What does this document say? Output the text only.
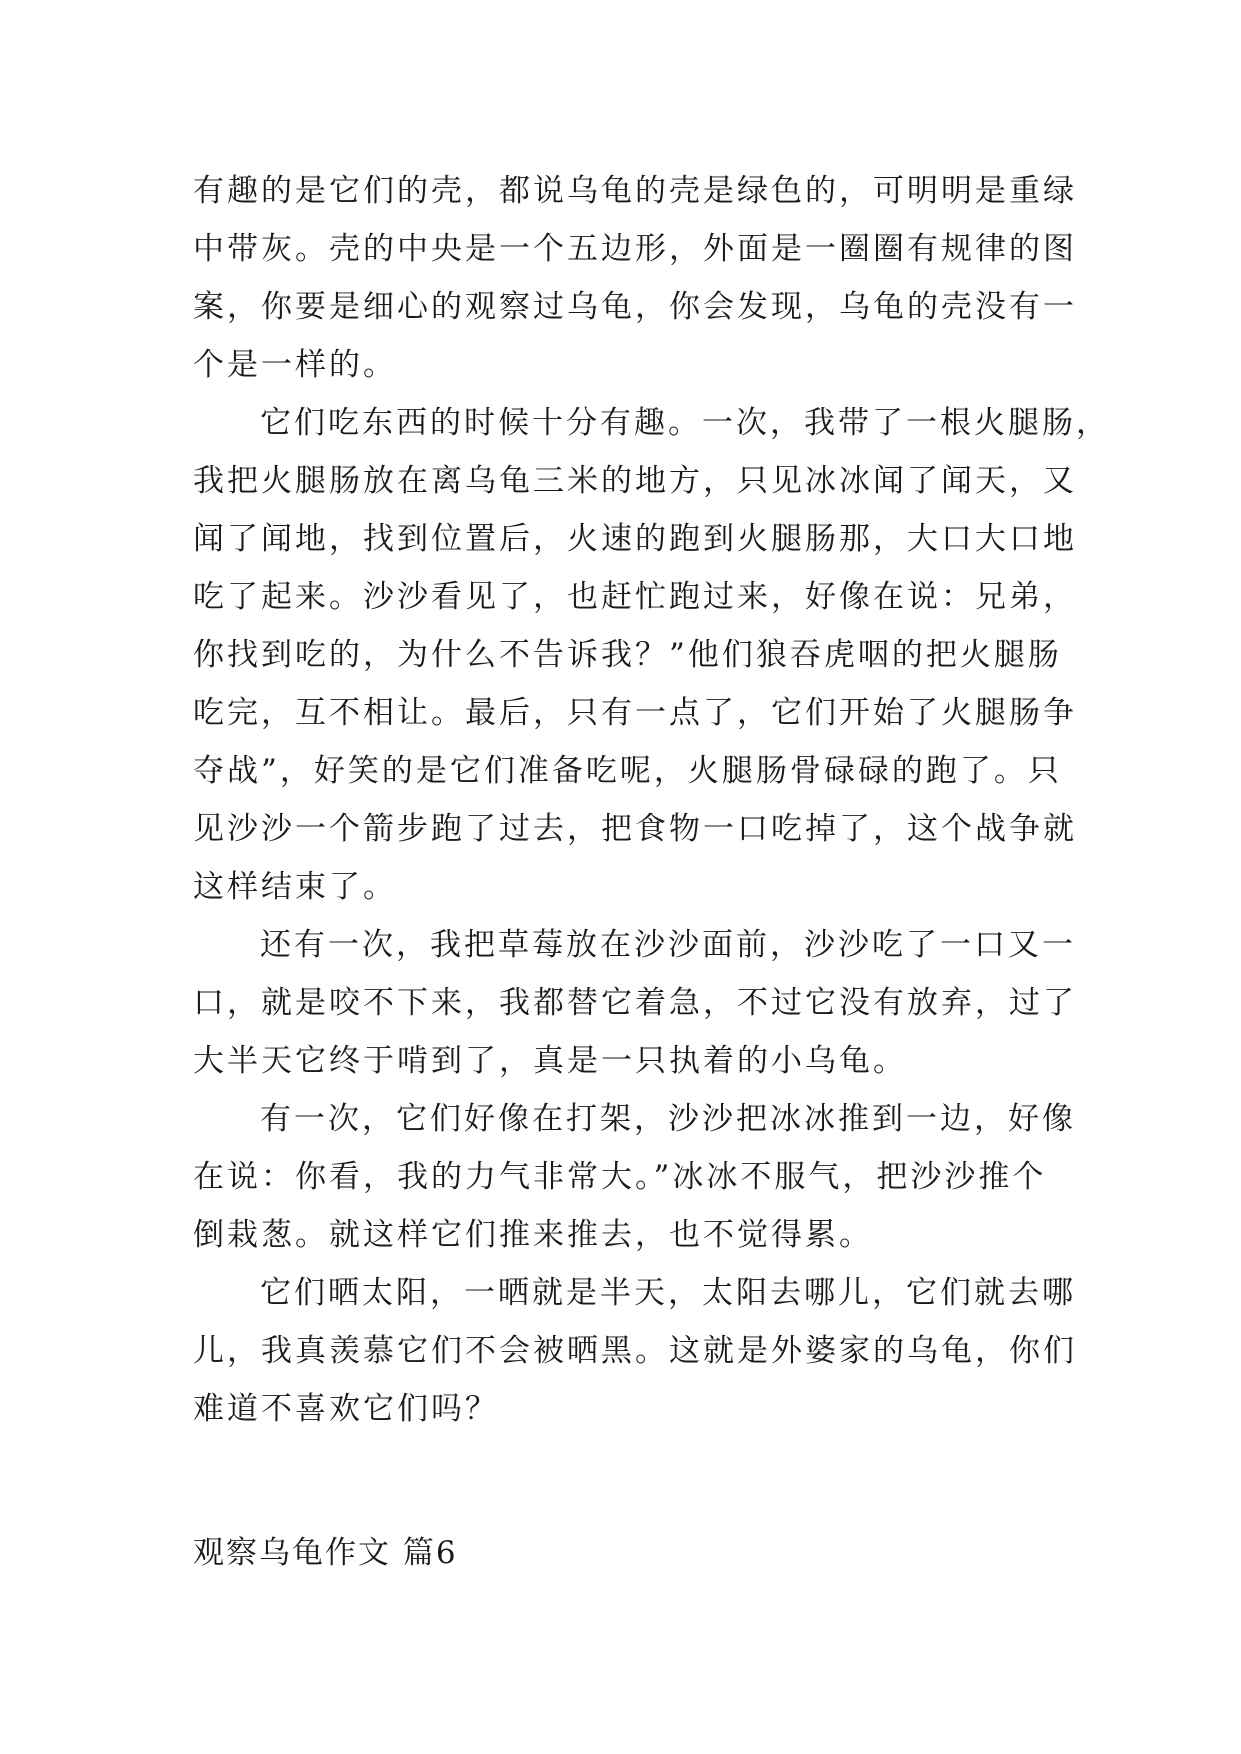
有趣的是它们的壳，都说乌龟的壳是绿色的，可明明是重绿
中带灰。壳的中央是一个五边形，外面是一圈圈有规律的图
案，你要是细心的观察过乌龟，你会发现，乌龟的壳没有一
个是一样的。
它们吃东西的时候十分有趣。一次，我带了一根火腿肠，
我把火腿肠放在离乌龟三米的地方，只见冰冰闻了闻天，又
闻了闻地，找到位置后，火速的跑到火腿肠那，大口大口地
吃了起来。沙沙看见了，也赶忙跑过来，好像在说：兄弟，
你找到吃的，为什么不告诉我？”他们狼吞虎咽的把火腿肠
吃完，互不相让。最后，只有一点了，它们开始了火腿肠争
夺战”，好笑的是它们准备吃呢，火腿肠骨碌碌的跑了。只
见沙沙一个箭步跑了过去，把食物一口吃掉了，这个战争就
这样结束了。
还有一次，我把草莓放在沙沙面前，沙沙吃了一口又一
口，就是咬不下来，我都替它着急，不过它没有放弃，过了
大半天它终于啃到了，真是一只执着的小乌龟。
有一次，它们好像在打架，沙沙把冰冰推到一边，好像
在说：你看，我的力气非常大。”冰冰不服气，把沙沙推个
倒栽葱。就这样它们推来推去，也不觉得累。
它们晒太阳，一晒就是半天，太阳去哪儿，它们就去哪
儿，我真羡慕它们不会被晒黑。这就是外婆家的乌龟，你们
难道不喜欢它们吗？
观察乌龟作文 篇6
